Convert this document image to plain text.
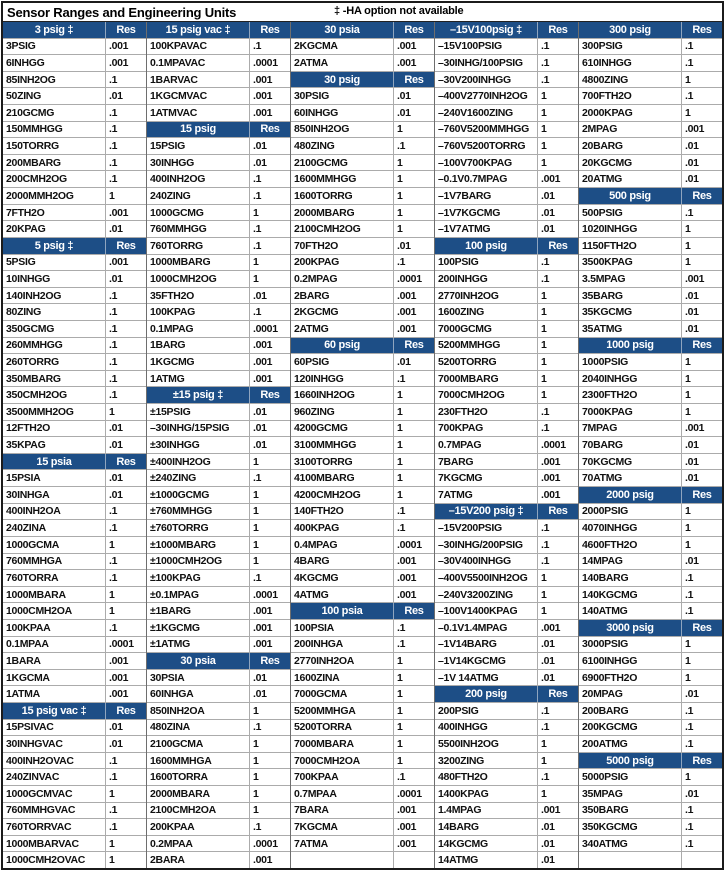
Sensor Ranges and Engineering Units	‡ -HA option not available
3 psig ‡	Res
3PSIG	.001
6INHGG	.001
85INH2OG	.1
50ZING	.01
210GCMG	.1
150MMHGG	.1
150TORRG	.1
200MBARG	.1
200CMH2OG	.1
2000MMH2OG	1
7FTH2O	.001
20KPAG	.01
5 psig ‡	Res
5PSIG	.001
10INHGG	.01
140INH2OG	.1
80ZING	.1
350GCMG	.1
260MMHGG	.1
260TORRG	.1
350MBARG	.1
350CMH2OG	.1
3500MMH2OG	1
12FTH2O	.01
35KPAG	.01
15 psia	Res
15PSIA	.01
30INHGA	.01
400INH2OA	.1
240ZINA	.1
1000GCMA	1
760MMHGA	.1
760TORRA	.1
1000MBARA	1
1000CMH2OA	1
100KPAA	.1
0.1MPAA	.0001
1BARA	.001
1KGCMA	.001
1ATMA	.001
15 psig vac ‡	Res
15PSIVAC	.01
30INHGVAC	.01
400INH2OVAC	.1
240ZINVAC	.1
1000GCMVAC	1
760MMHGVAC	.1
760TORRVAC	.1
1000MBARVAC	1
1000CMH2OVAC	1
15 psig vac ‡	Res
100KPAVAC	.1
0.1MPAVAC	.0001
1BARVAC	.001
1KGCMVAC	.001
1ATMVAC	.001
15 psig	Res
15PSIG	.01
30INHGG	.01
400INH2OG	.1
240ZING	.1
1000GCMG	1
760MMHGG	.1
760TORRG	.1
1000MBARG	1
1000CMH2OG	1
35FTH2O	.01
100KPAG	.1
0.1MPAG	.0001
1BARG	.001
1KGCMG	.001
1ATMG	.001
±15 psig ‡	Res
±15PSIG	.01
–30INHG/15PSIG	.01
±30INHGG	.01
±400INH2OG	1
±240ZING	.1
±1000GCMG	1
±760MMHGG	1
±760TORRG	1
±1000MBARG	1
±1000CMH2OG	1
±100KPAG	.1
±0.1MPAG	.0001
±1BARG	.001
±1KGCMG	.001
±1ATMG	.001
30 psia	Res
30PSIA	.01
60INHGA	.01
850INH2OA	1
480ZINA	.1
2100GCMA	1
1600MMHGA	1
1600TORRA	1
2000MBARA	1
2100CMH2OA	1
200KPAA	.1
0.2MPAA	.0001
2BARA	.001
30 psia	Res
2KGCMA	.001
2ATMA	.001
30 psig	Res
30PSIG	.01
60INHGG	.01
850INH2OG	1
480ZING	.1
2100GCMG	1
1600MMHGG	1
1600TORRG	1
2000MBARG	1
2100CMH2OG	1
70FTH2O	.01
200KPAG	.1
0.2MPAG	.0001
2BARG	.001
2KGCMG	.001
2ATMG	.001
60 psig	Res
60PSIG	.01
120INHGG	.1
1660INH2OG	1
960ZING	1
4200GCMG	1
3100MMHGG	1
3100TORRG	1
4100MBARG	1
4200CMH2OG	1
140FTH2O	.1
400KPAG	.1
0.4MPAG	.0001
4BARG	.001
4KGCMG	.001
4ATMG	.001
100 psia	Res
100PSIA	.1
200INHGA	.1
2770INH2OA	1
1600ZINA	1
7000GCMA	1
5200MMHGA	1
5200TORRA	1
7000MBARA	1
7000CMH2OA	1
700KPAA	.1
0.7MPAA	.0001
7BARA	.001
7KGCMA	.001
7ATMA	.001
–15V100psig ‡	Res
–15V100PSIG	.1
–30INHG/100PSIG	.1
–30V200INHGG	.1
–400V2770INH2OG	1
–240V1600ZING	1
–760V5200MMHGG	1
–760V5200TORRG	1
–100V700KPAG	1
–0.1V0.7MPAG	.001
–1V7BARG	.01
–1V7KGCMG	.01
–1V7ATMG	.01
100 psig	Res
100PSIG	.1
200INHGG	.1
2770INH2OG	1
1600ZING	1
7000GCMG	1
5200MMHGG	1
5200TORRG	1
7000MBARG	1
7000CMH2OG	1
230FTH2O	.1
700KPAG	.1
0.7MPAG	.0001
7BARG	.001
7KGCMG	.001
7ATMG	.001
–15V200 psig ‡	Res
–15V200PSIG	.1
–30INHG/200PSIG	.1
–30V400INHGG	.1
–400V5500INH2OG	1
–240V3200ZING	1
–100V1400KPAG	1
–0.1V1.4MPAG	.001
–1V14BARG	.01
–1V14KGCMG	.01
–1V 14ATMG	.01
200 psig	Res
200PSIG	.1
400INHGG	.1
5500INH2OG	1
3200ZING	1
480FTH2O	.1
1400KPAG	1
1.4MPAG	.001
14BARG	.01
14KGCMG	.01
14ATMG	.01
300 psig	Res
300PSIG	.1
610INHGG	.1
4800ZING	1
700FTH2O	.1
2000KPAG	1
2MPAG	.001
20BARG	.01
20KGCMG	.01
20ATMG	.01
500 psig	Res
500PSIG	.1
1020INHGG	1
1150FTH2O	1
3500KPAG	1
3.5MPAG	.001
35BARG	.01
35KGCMG	.01
35ATMG	.01
1000 psig	Res
1000PSIG	1
2040INHGG	1
2300FTH2O	1
7000KPAG	1
7MPAG	.001
70BARG	.01
70KGCMG	.01
70ATMG	.01
2000 psig	Res
2000PSIG	1
4070INHGG	1
4600FTH2O	1
14MPAG	.01
140BARG	.1
140KGCMG	.1
140ATMG	.1
3000 psig	Res
3000PSIG	1
6100INHGG	1
6900FTH2O	1
20MPAG	.01
200BARG	.1
200KGCMG	.1
200ATMG	.1
5000 psig	Res
5000PSIG	1
35MPAG	.01
350BARG	.1
350KGCMG	.1
340ATMG	.1
